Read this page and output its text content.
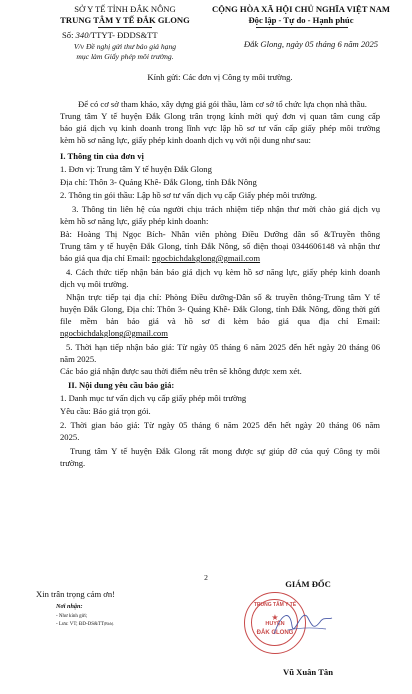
SỞ Y TẾ TỈNH ĐẮK NÔNG
TRUNG TÂM Y TẾ ĐẮK GLONG
Số: 340/TTYT- ĐDDS&TT
V/v Đề nghị gửi thư báo giá hạng
mục làm Giấy phép môi trường.
CỘNG HÒA XÃ HỘI CHỦ NGHĨA VIỆT NAM
Độc lập - Tự do - Hạnh phúc
Đắk Glong, ngày 05 tháng 6 năm 2025
Kính gửi: Các đơn vị Công ty môi trường.
Để có cơ sở tham khảo, xây dựng giá gói thầu, làm cơ sở tổ chức lựa chọn nhà thầu.
Trung tâm Y tế huyện Đắk Glong trân trọng kính mời quý đơn vị quan tâm cung cấp
báo giá dịch vụ kinh doanh trong lĩnh vực lập hồ sơ tư vấn cấp giấy phép môi trường
kèm hồ sơ năng lực, giấy phép kinh doanh dịch vụ với nội dung như sau:
I. Thông tin của đơn vị
1. Đơn vị: Trung tâm Y tế huyện Đắk Glong
Địa chỉ: Thôn 3- Quảng Khê- Đắk Glong, tỉnh Đắk Nông
2. Thông tin gói thầu: Lập hồ sơ tư vấn dịch vụ cấp Giấy phép môi trường.
3. Thông tin liên hệ của người chịu trách nhiệm tiếp nhận thư mời chào giá dịch vụ
kèm hồ sơ năng lực, giấy phép kinh doanh:
Bà: Hoàng Thị Ngọc Bích- Nhân viên phòng Điều Dưỡng dân số &Truyền thông
Trung tâm y tế huyện Đắk Glong, tỉnh Đắk Nông, số điện thoại 0344606148 và nhận thư
báo giá qua địa chỉ Email: ngocbichdakglong@gmail.com
4. Cách thức tiếp nhận bản báo giá dịch vụ kèm hồ sơ năng lực, giấy phép kinh doanh
dịch vụ môi trường.
Nhận trực tiếp tại địa chỉ: Phòng Điều dưỡng-Dân số & truyền thông-Trung tâm Y tế
huyện Đắk Glong, Địa chỉ: Thôn 3- Quảng Khê- Đắk Glong, tỉnh Đắk Nông, đồng thời gửi
file mềm bản báo giá và hồ sơ đi kèm báo giá qua địa chỉ Email:
ngocbichdakglong@gmail.com
5. Thời hạn tiếp nhận báo giá: Từ ngày 05 tháng 6 năm 2025 đến hết ngày 20 tháng 06
năm 2025.
Các báo giá nhận được sau thời điểm nêu trên sẽ không được xem xét.
II. Nội dung yêu cầu báo giá:
1. Danh mục tư vấn dịch vụ cấp giấy phép môi trường
Yêu cầu: Báo giá trọn gói.
2. Thời gian báo giá: Từ ngày 05 tháng 6 năm 2025 đến hết ngày 20 tháng 06 năm
2025.
Trung tâm Y tế huyện Đắk Glong rất mong được sự giúp đỡ của quý Công ty môi
trường.
2
Xin trân trọng cảm ơn!
Nơi nhận:
- Như kính gửi;
- Lưu: VT; ĐD-DS&TT(Bích).
GIÁM ĐỐC
TRUNG TÂM Y TẾ
★
HUYỆN
ĐẮK GLONG
Vũ Xuân Tân
